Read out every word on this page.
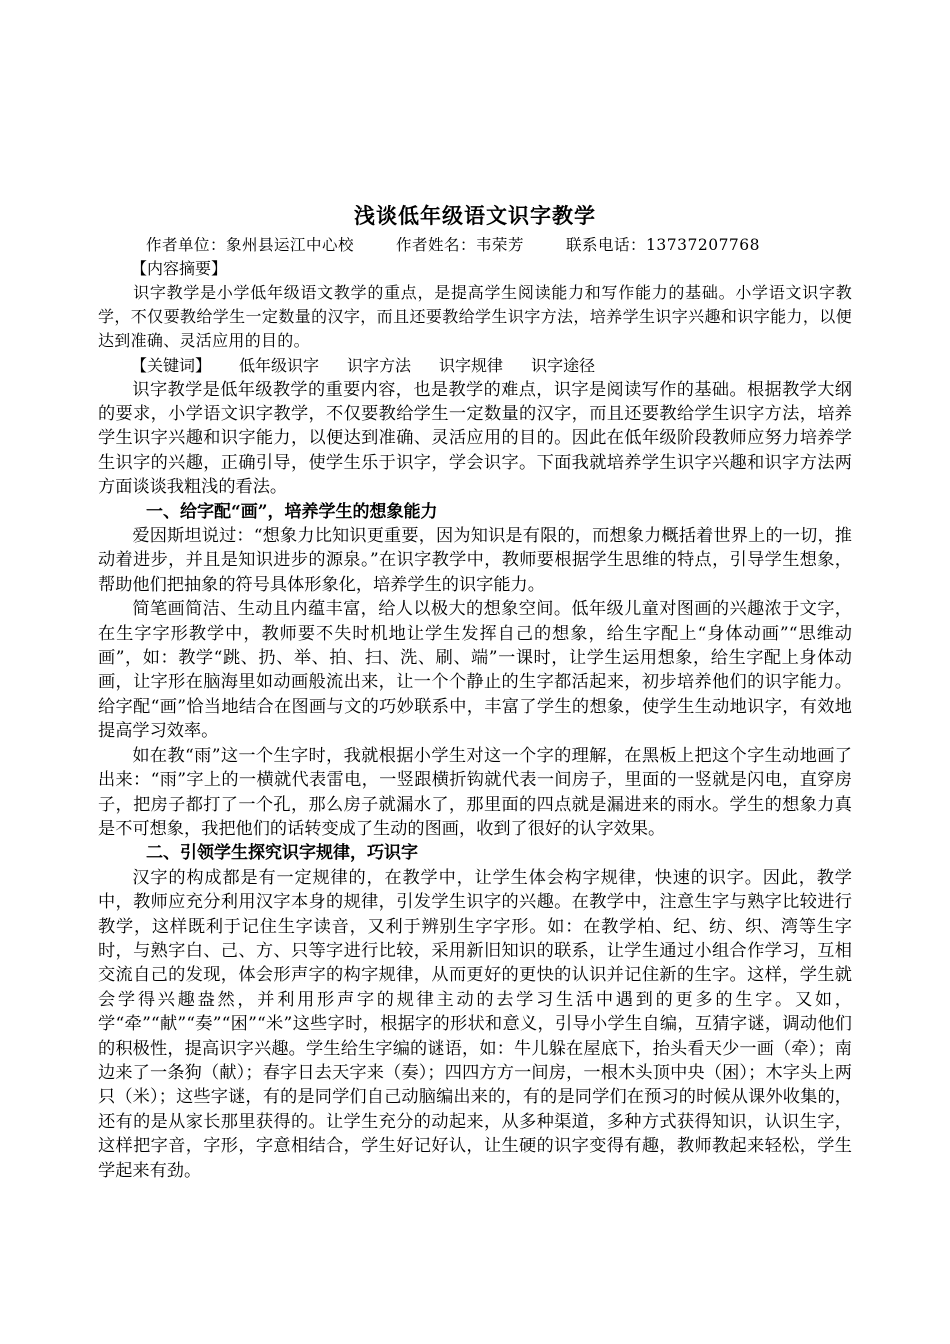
浅谈低年级语文识字教学
作者单位：象州县运江中心校	作者姓名：韦荣芳	联系电话：13737207768
【内容摘要】

识字教学是小学低年级语文教学的重点，是提高学生阅读能力和写作能力的基础。小学语文识字教学，不仅要教给学生一定数量的汉字，而且还要教给学生识字方法，培养学生识字兴趣和识字能力，以便达到准确、灵活应用的目的。

【关键词】 低年级识字 识字方法 识字规律 识字途径

识字教学是低年级教学的重要内容，也是教学的难点，识字是阅读写作的基础。根据教学大纲的要求，小学语文识字教学，不仅要教给学生一定数量的汉字，而且还要教给学生识字方法，培养学生识字兴趣和识字能力，以便达到准确、灵活应用的目的。因此在低年级阶段教师应努力培养学生识字的兴趣，正确引导，使学生乐于识字，学会识字。下面我就培养学生识字兴趣和识字方法两方面谈谈我粗浅的看法。

一、给字配“画”，培养学生的想象能力

爱因斯坦说过：“想象力比知识更重要，因为知识是有限的，而想象力概括着世界上的一切，推动着进步，并且是知识进步的源泉。”在识字教学中，教师要根据学生思维的特点，引导学生想象，帮助他们把抽象的符号具体形象化，培养学生的识字能力。

简笔画简洁、生动且内蕴丰富，给人以极大的想象空间。低年级儿童对图画的兴趣浓于文字，在生字字形教学中，教师要不失时机地让学生发挥自己的想象，给生字配上“身体动画”“思维动画”，如：教学“跳、扔、举、拍、扫、洗、刷、端”一课时，让学生运用想象，给生字配上身体动画，让字形在脑海里如动画般流出来，让一个个静止的生字都活起来，初步培养他们的识字能力。给字配“画”恰当地结合在图画与文的巧妙联系中，丰富了学生的想象，使学生生动地识字，有效地提高学习效率。

如在教“雨”这一个生字时，我就根据小学生对这一个字的理解，在黑板上把这个字生动地画了出来：“雨”字上的一横就代表雷电，一竖跟横折钩就代表一间房子，里面的一竖就是闪电，直穿房子，把房子都打了一个孔，那么房子就漏水了，那里面的四点就是漏进来的雨水。学生的想象力真是不可想象，我把他们的话转变成了生动的图画，收到了很好的认字效果。

二、引领学生探究识字规律，巧识字

汉字的构成都是有一定规律的，在教学中，让学生体会构字规律，快速的识字。因此，教学中，教师应充分利用汉字本身的规律，引发学生识字的兴趣。在教学中，注意生字与熟字比较进行教学，这样既利于记住生字读音，又利于辨别生字字形。如：在教学柏、纪、纺、织、湾等生字时，与熟字白、己、方、只等字进行比较，采用新旧知识的联系，让学生通过小组合作学习，互相交流自己的发现，体会形声字的构字规律，从而更好的更快的认识并记住新的生字。这样，学生就会学得兴趣盎然，并利用形声字的规律主动的去学习生活中遇到的更多的生字。又如，学“牵”“献”“奏”“困”“米”这些字时，根据字的形状和意义，引导小学生自编，互猜字谜，调动他们的积极性，提高识字兴趣。学生给生字编的谜语，如：牛儿躲在屋底下，抬头看天少一画（牵）；南边来了一条狗（献）；春字日去天字来（奏）；四四方方一间房，一根木头顶中央（困）；木字头上两只（米）；这些字谜，有的是同学们自己动脑编出来的，有的是同学们在预习的时候从课外收集的，还有的是从家长那里获得的。让学生充分的动起来，从多种渠道，多种方式获得知识，认识生字，这样把字音，字形，字意相结合，学生好记好认，让生硬的识字变得有趣，教师教起来轻松，学生学起来有劲。
